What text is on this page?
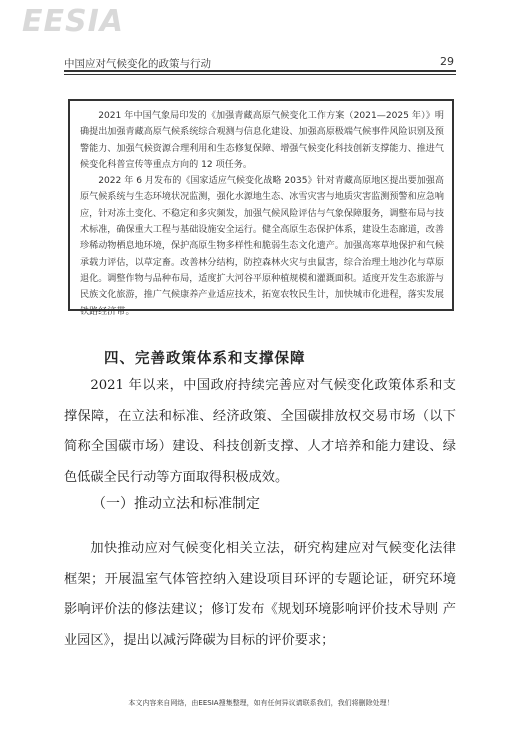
EESIA
中国应对气候变化的政策与行动	29

2021 年中国气象局印发的《加强青藏高原气候变化工作方案（2021—2025 年）》明确提出加强青藏高原气候系统综合观测与信息化建设、加强高原极端气候事件风险识别及预警能力、加强气候资源合理利用和生态修复保障、增强气候变化科技创新支撑能力、推进气候变化科普宣传等重点方向的 12 项任务。

2022 年 6 月发布的《国家适应气候变化战略 2035》针对青藏高原地区提出要加强高原气候系统与生态环境状况监测，强化水源地生态、冰雪灾害与地质灾害监测预警和应急响应，针对冻土变化、不稳定和多灾频发，加强气候风险评估与气象保障服务，调整布局与技术标准，确保重大工程与基础设施安全运行。健全高原生态保护体系，建设生态廊道，改善珍稀动物栖息地环境，保护高原生物多样性和脆弱生态文化遗产。加强高寒草地保护和气候承载力评估，以草定畜。改善林分结构，防控森林火灾与虫鼠害，综合治理土地沙化与草原退化。调整作物与品种布局，适度扩大河谷平原种植规模和灌溉面积。适度开发生态旅游与民族文化旅游，推广气候康养产业适应技术，拓宽农牧民生计，加快城市化进程，落实发展铁路经济带。

四、完善政策体系和支撑保障

2021 年以来，中国政府持续完善应对气候变化政策体系和支撑保障，在立法和标准、经济政策、全国碳排放权交易市场（以下简称全国碳市场）建设、科技创新支撑、人才培养和能力建设、绿色低碳全民行动等方面取得积极成效。

（一）推动立法和标准制定

加快推动应对气候变化相关立法，研究构建应对气候变化法律框架；开展温室气体管控纳入建设项目环评的专题论证，研究环境影响评价法的修法建议；修订发布《规划环境影响评价技术导则 产业园区》，提出以减污降碳为目标的评价要求；

本文内容来自网络，由EESIA搜集整理，如有任何异议请联系我们，我们将删除处理！
